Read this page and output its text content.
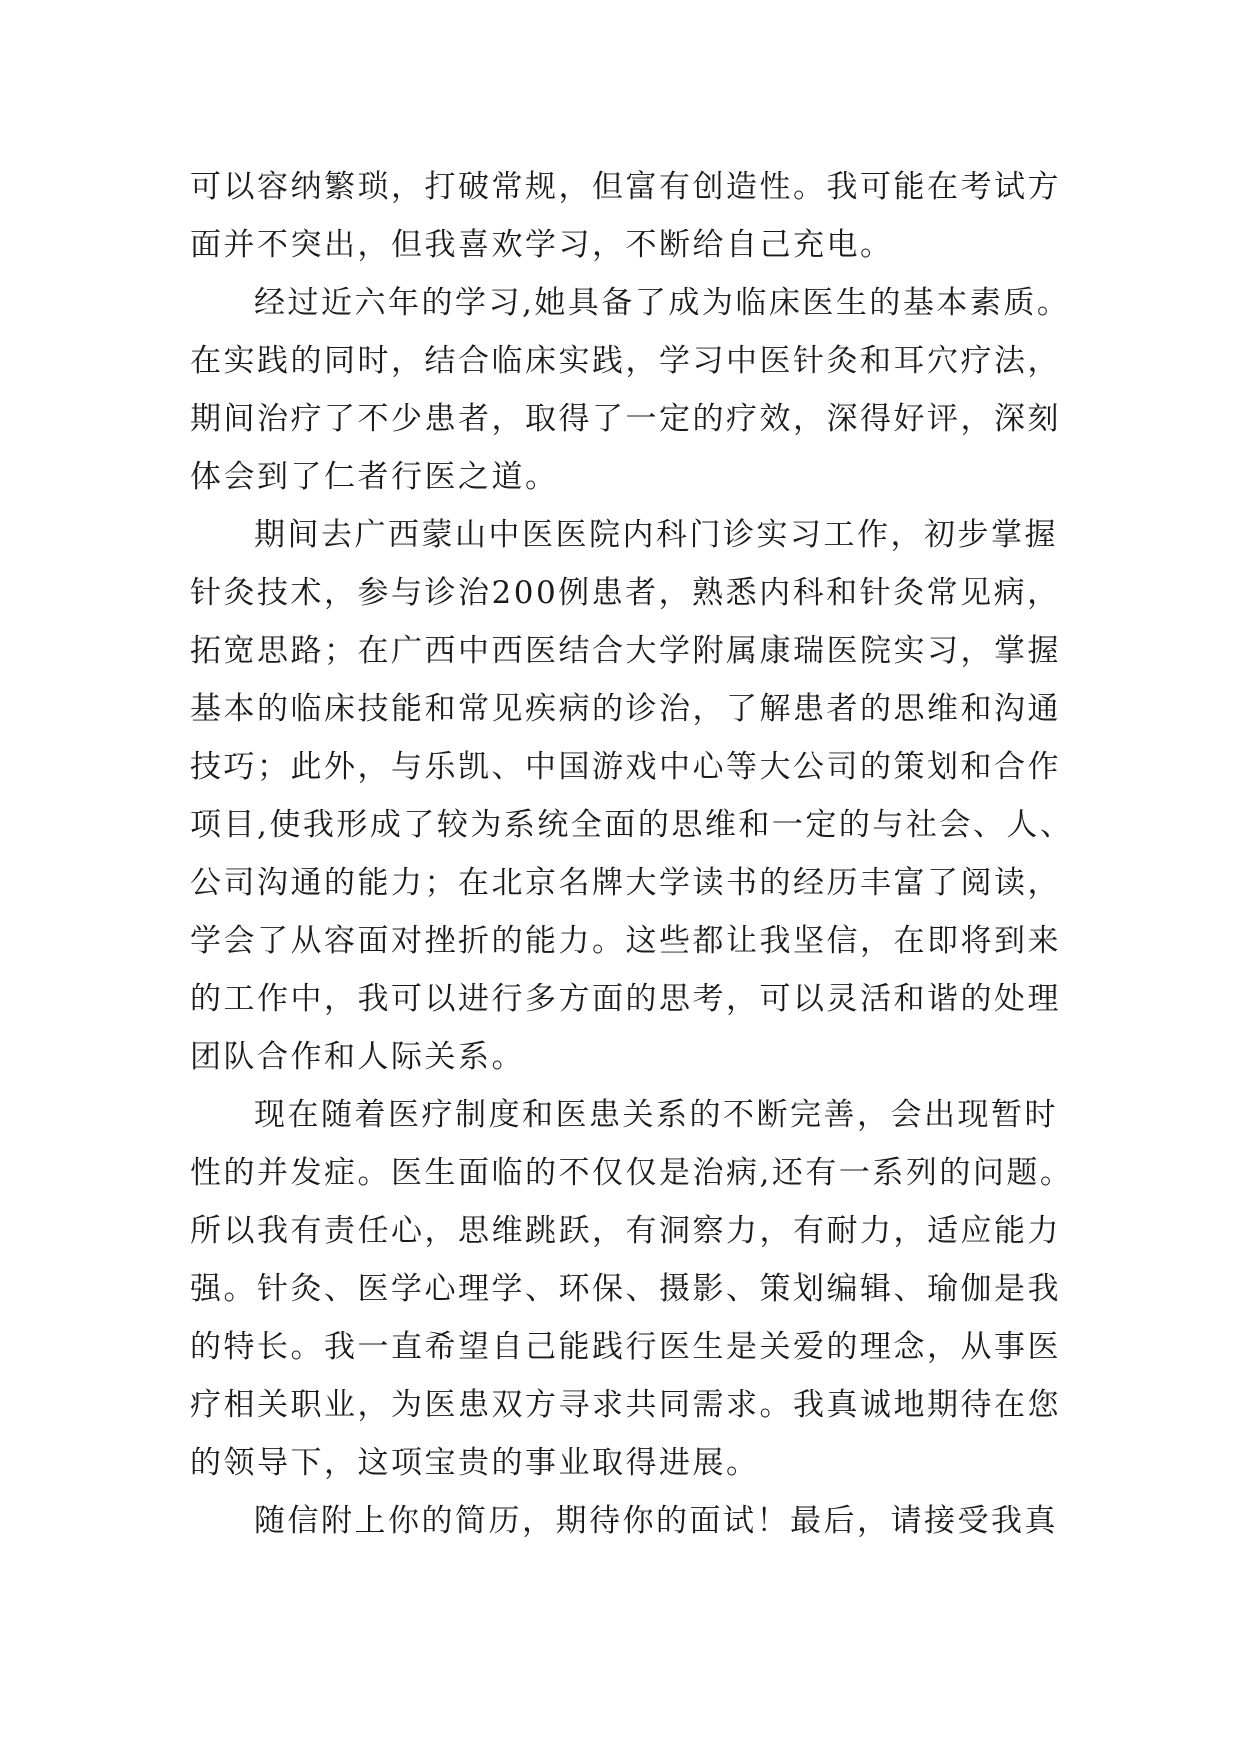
可以容纳繁琐，打破常规，但富有创造性。我可能在考试方
面并不突出，但我喜欢学习，不断给自己充电。
经过近六年的学习,她具备了成为临床医生的基本素质。
在实践的同时，结合临床实践，学习中医针灸和耳穴疗法，
期间治疗了不少患者，取得了一定的疗效，深得好评，深刻
体会到了仁者行医之道。
期间去广西蒙山中医医院内科门诊实习工作，初步掌握
针灸技术，参与诊治200例患者，熟悉内科和针灸常见病，
拓宽思路；在广西中西医结合大学附属康瑞医院实习，掌握
基本的临床技能和常见疾病的诊治，了解患者的思维和沟通
技巧；此外，与乐凯、中国游戏中心等大公司的策划和合作
项目,使我形成了较为系统全面的思维和一定的与社会、人、
公司沟通的能力；在北京名牌大学读书的经历丰富了阅读，
学会了从容面对挫折的能力。这些都让我坚信，在即将到来
的工作中，我可以进行多方面的思考，可以灵活和谐的处理
团队合作和人际关系。
现在随着医疗制度和医患关系的不断完善，会出现暂时
性的并发症。医生面临的不仅仅是治病,还有一系列的问题。
所以我有责任心，思维跳跃，有洞察力，有耐力，适应能力
强。针灸、医学心理学、环保、摄影、策划编辑、瑜伽是我
的特长。我一直希望自己能践行医生是关爱的理念，从事医
疗相关职业，为医患双方寻求共同需求。我真诚地期待在您
的领导下，这项宝贵的事业取得进展。
随信附上你的简历，期待你的面试！最后，请接受我真
